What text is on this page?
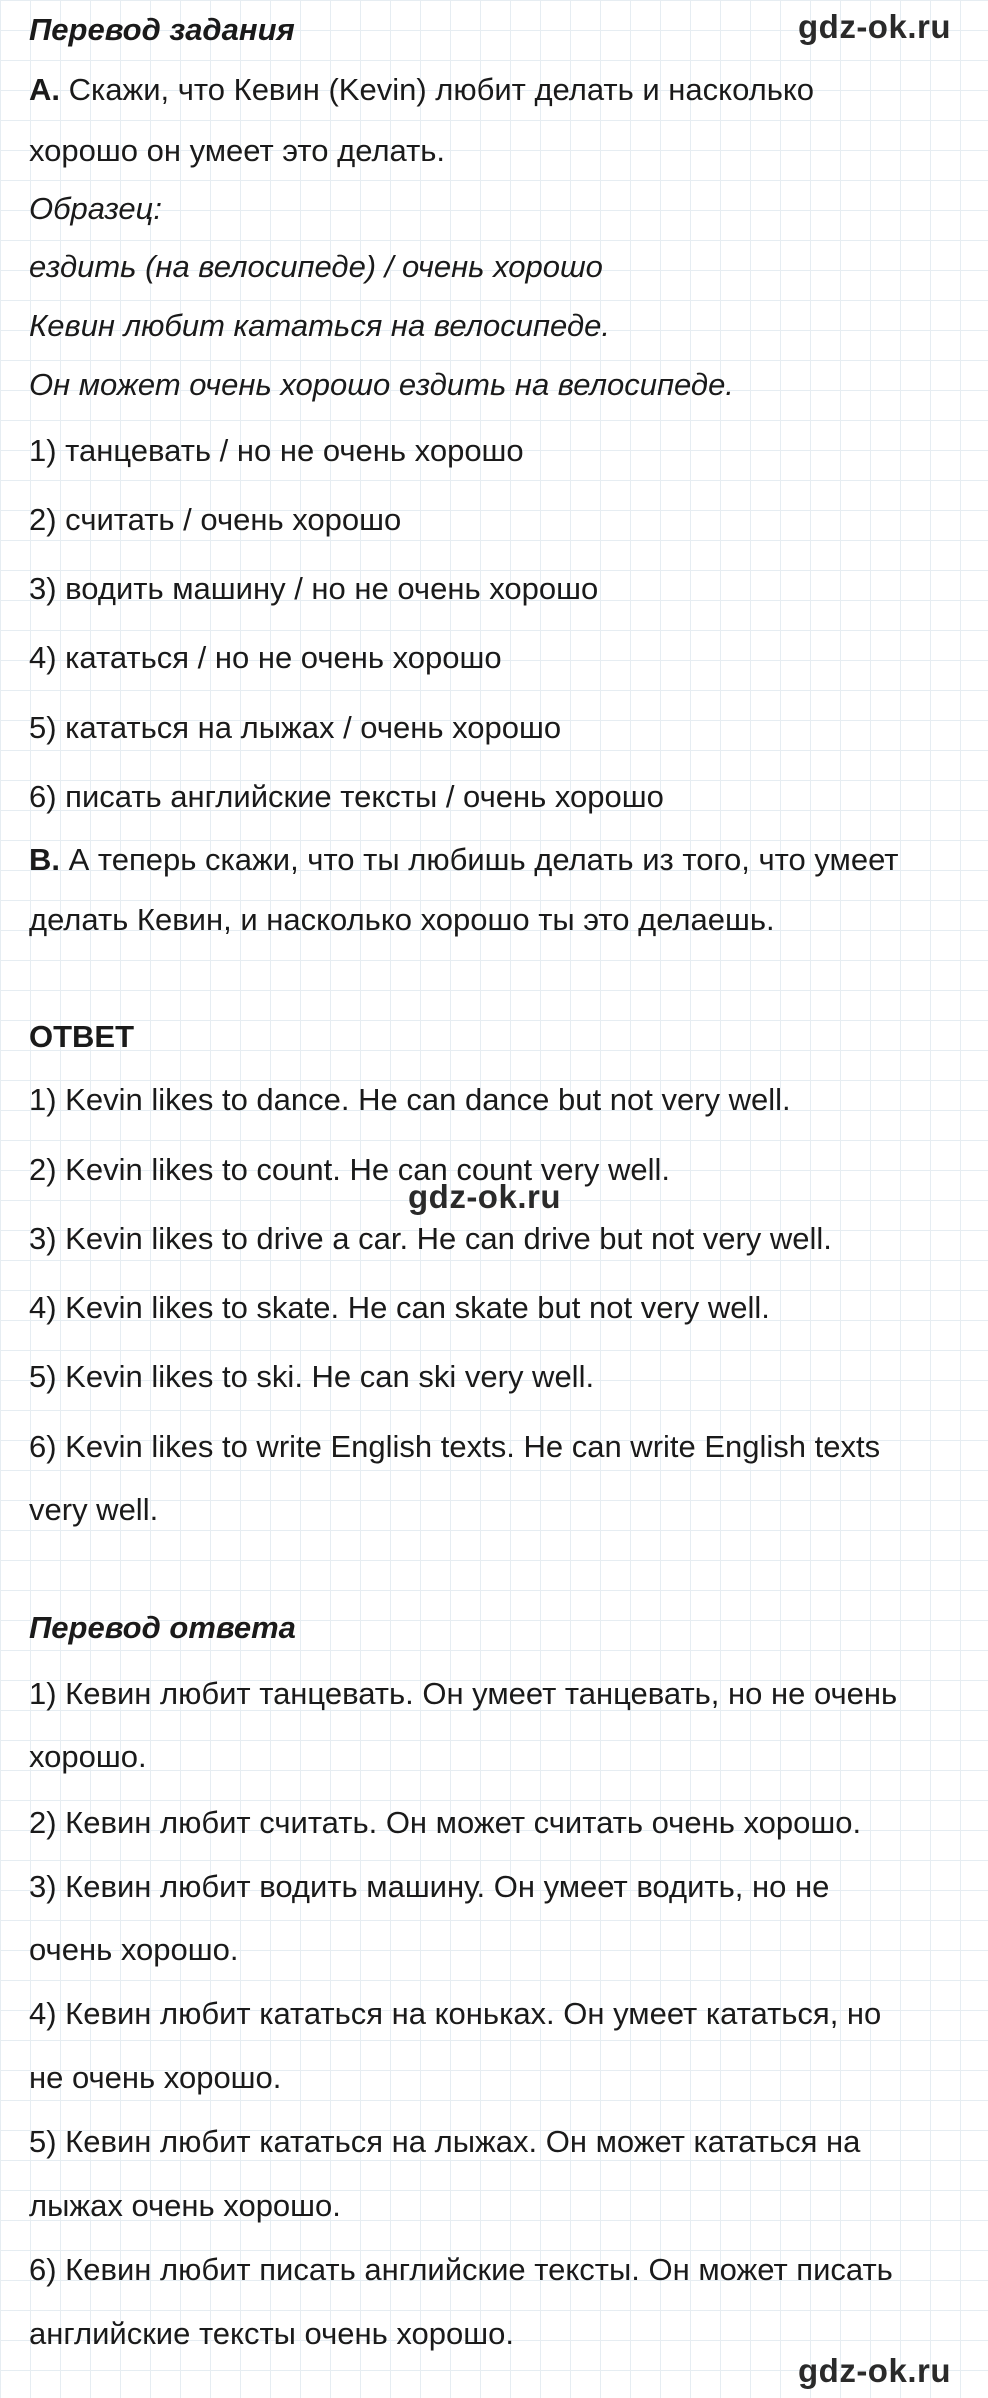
gdz-ok.ru
gdz-ok.ru
gdz-ok.ru
Перевод задания
A. Скажи, что Кевин (Kevin) любит делать и насколько
хорошо он умеет это делать.
Образец:
ездить (на велосипеде) / очень хорошо
Кевин любит кататься на велосипеде.
Он может очень хорошо ездить на велосипеде.
1) танцевать / но не очень хорошо
2) считать / очень хорошо
3) водить машину / но не очень хорошо
4) кататься / но не очень хорошо
5) кататься на лыжах / очень хорошо
6) писать английские тексты / очень хорошо
B. А теперь скажи, что ты любишь делать из того, что умеет
делать Кевин, и насколько хорошо ты это делаешь.
ОТВЕТ
1) Kevin likes to dance. He can dance but not very well.
2) Kevin likes to count. He can count very well.
3) Kevin likes to drive a car. He can drive but not very well.
4) Kevin likes to skate. He can skate but not very well.
5) Kevin likes to ski. He can ski very well.
6) Kevin likes to write English texts. He can write English texts
very well.
Перевод ответа
1) Кевин любит танцевать. Он умеет танцевать, но не очень
хорошо.
2) Кевин любит считать. Он может считать очень хорошо.
3) Кевин любит водить машину. Он умеет водить, но не
очень хорошо.
4) Кевин любит кататься на коньках. Он умеет кататься, но
не очень хорошо.
5) Кевин любит кататься на лыжах. Он может кататься на
лыжах очень хорошо.
6) Кевин любит писать английские тексты. Он может писать
английские тексты очень хорошо.
